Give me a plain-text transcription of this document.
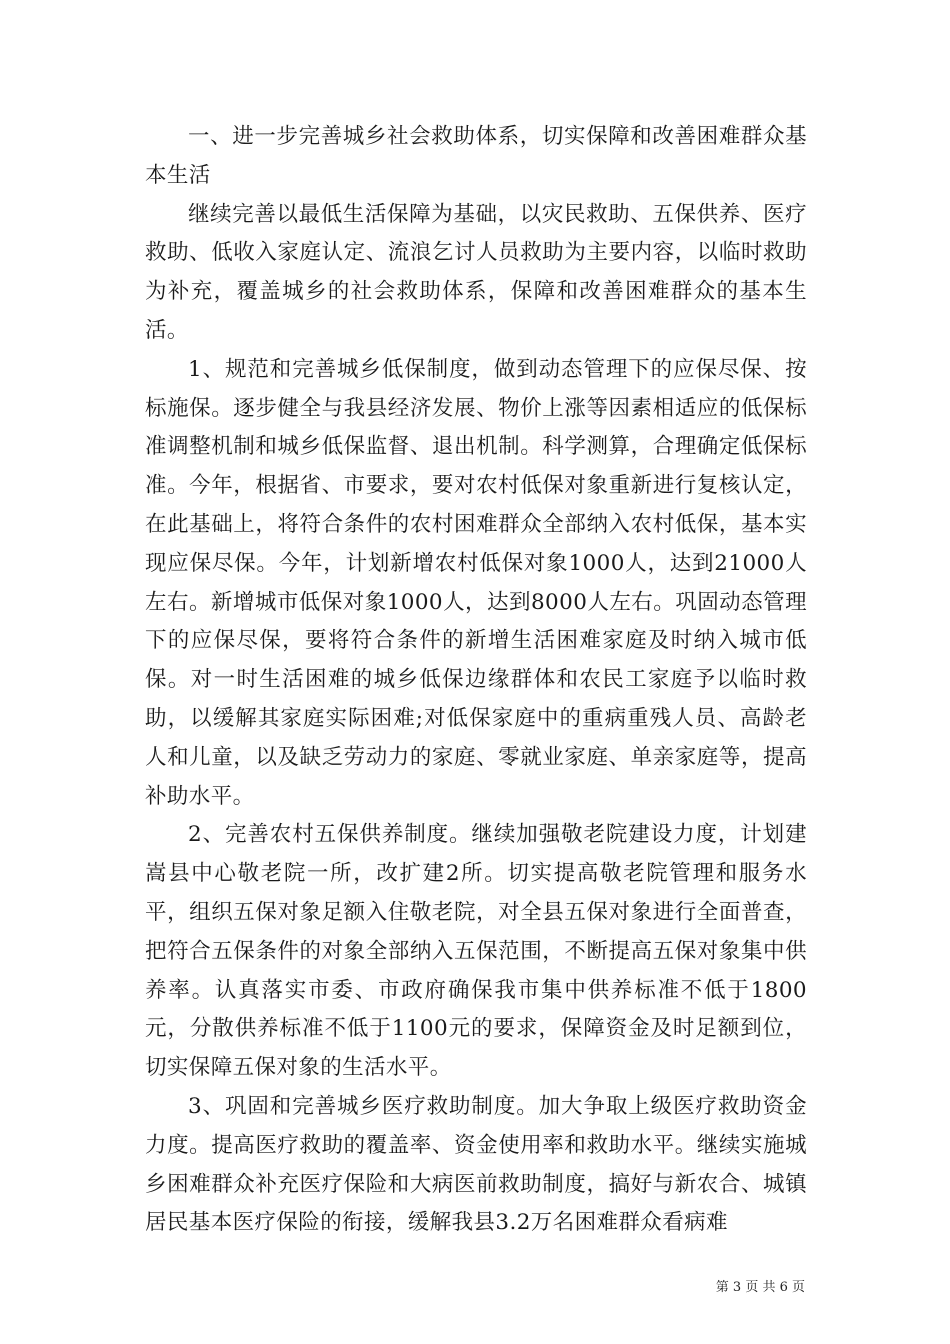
一、进一步完善城乡社会救助体系，切实保障和改善困难群众基本生活

继续完善以最低生活保障为基础，以灾民救助、五保供养、医疗救助、低收入家庭认定、流浪乞讨人员救助为主要内容，以临时救助为补充，覆盖城乡的社会救助体系，保障和改善困难群众的基本生活。

1、规范和完善城乡低保制度，做到动态管理下的应保尽保、按标施保。逐步健全与我县经济发展、物价上涨等因素相适应的低保标准调整机制和城乡低保监督、退出机制。科学测算，合理确定低保标准。今年，根据省、市要求，要对农村低保对象重新进行复核认定，在此基础上，将符合条件的农村困难群众全部纳入农村低保，基本实现应保尽保。今年，计划新增农村低保对象1000人，达到21000人左右。新增城市低保对象1000人，达到8000人左右。巩固动态管理下的应保尽保，要将符合条件的新增生活困难家庭及时纳入城市低保。对一时生活困难的城乡低保边缘群体和农民工家庭予以临时救助，以缓解其家庭实际困难;对低保家庭中的重病重残人员、高龄老人和儿童，以及缺乏劳动力的家庭、零就业家庭、单亲家庭等，提高补助水平。

2、完善农村五保供养制度。继续加强敬老院建设力度，计划建嵩县中心敬老院一所，改扩建2所。切实提高敬老院管理和服务水平，组织五保对象足额入住敬老院，对全县五保对象进行全面普查，把符合五保条件的对象全部纳入五保范围，不断提高五保对象集中供养率。认真落实市委、市政府确保我市集中供养标准不低于1800元，分散供养标准不低于1100元的要求，保障资金及时足额到位，切实保障五保对象的生活水平。

3、巩固和完善城乡医疗救助制度。加大争取上级医疗救助资金力度。提高医疗救助的覆盖率、资金使用率和救助水平。继续实施城乡困难群众补充医疗保险和大病医前救助制度，搞好与新农合、城镇居民基本医疗保险的衔接，缓解我县3.2万名困难群众看病难

第 3 页 共 6 页
